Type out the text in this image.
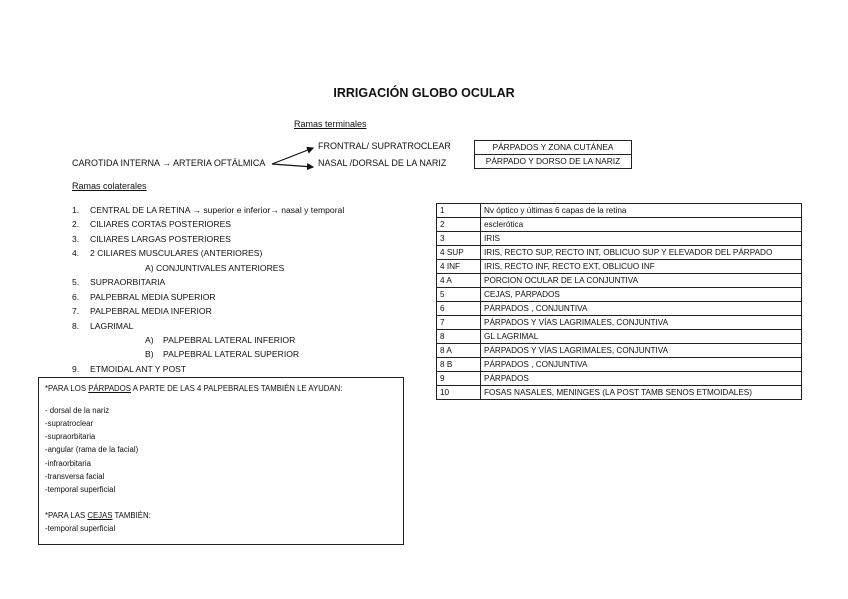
IRRIGACIÓN GLOBO OCULAR
Ramas terminales
FRONTRAL/ SUPRATROCLEAR
NASAL /DORSAL DE LA NARIZ
CAROTIDA INTERNA → ARTERIA OFTÁLMICA
PÁRPADOS Y ZONA CUTÁNEA
PÁRPADO Y DORSO DE LA NARIZ
Ramas colaterales
1. CENTRAL DE LA RETINA → superior e inferior→ nasal y temporal
2. CILIARES CORTAS POSTERIORES
3. CILIARES LARGAS POSTERIORES
4. 2 CILIARES MUSCULARES (ANTERIORES)
A) CONJUNTIVALES ANTERIORES
5. SUPRAORBITARIA
6. PALPEBRAL MEDIA SUPERIOR
7. PALPEBRAL MEDIA INFERIOR
8. LAGRIMAL
A) PALPEBRAL LATERAL INFERIOR
B) PALPEBRAL LATERAL SUPERIOR
9. ETMOIDAL ANT Y POST
1	Nv óptico y últimas 6 capas de la retina
2	esclerótica
3	IRIS
4 SUP	IRIS, RECTO SUP, RECTO INT, OBLICUO SUP Y ELEVADOR DEL PÁRPADO
4 INF	IRIS, RECTO INF, RECTO EXT, OBLICUO INF
4 A	PORCION OCULAR DE LA CONJUNTIVA
5	CEJAS, PÁRPADOS
6	PÁRPADOS , CONJUNTIVA
7	PÁRPADOS Y VÍAS LAGRIMALES, CONJUNTIVA
8	GL LAGRIMAL
8 A	PÁRPADOS Y VÍAS LAGRIMALES, CONJUNTIVA
8 B	PÁRPADOS , CONJUNTIVA
9	PÁRPADOS
10	FOSAS NASALES, MENINGES (LA POST TAMB SENOS ETMOIDALES)
*PARA LOS PÁRPADOS A PARTE DE LAS 4 PALPEBRALES TAMBIÉN LE AYUDAN:
- dorsal de la nariz
-supratroclear
-supraorbitaria
-angular (rama de la facial)
-infraorbitaria
-transversa facial
-temporal superficial
*PARA LAS CEJAS TAMBIÉN:
-temporal superficial
